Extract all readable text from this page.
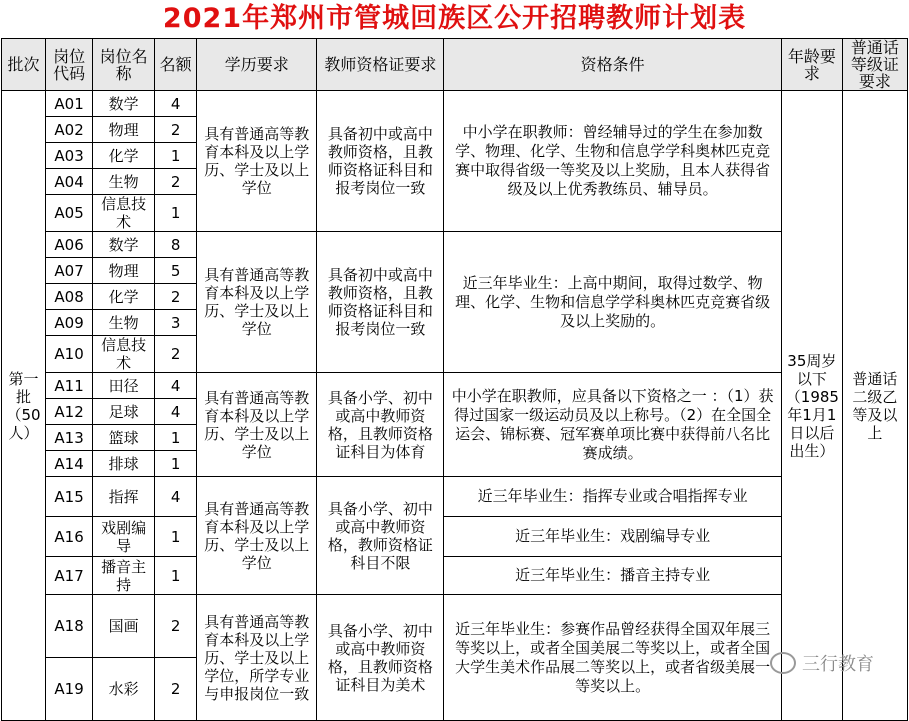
2021年郑州市管城回族区公开招聘教师计划表
批次	岗位代码	岗位名称	名额	学历要求	教师资格证要求	资格条件	年龄要求	普通话等级证要求
第一批（50人）	A01	数学	4	具有普通高等教育本科及以上学历、学士及以上学位	具备初中或高中教师资格，且教师资格证科目和报考岗位一致	中小学在职教师：曾经辅导过的学生在参加数学、物理、化学、生物和信息学学科奥林匹克竞赛中取得省级一等奖及以上奖励，且本人获得省级及以上优秀教练员、辅导员。	35周岁以下（1985年1月1日以后出生）	普通话二级乙等及以上
	A02	物理	2					
	A03	化学	1					
	A04	生物	2					
	A05	信息技术	1					
	A06	数学	8	具有普通高等教育本科及以上学历、学士及以上学位	具备初中或高中教师资格，且教师资格证科目和报考岗位一致	近三年毕业生：上高中期间，取得过数学、物理、化学、生物和信息学学科奥林匹克竞赛省级及以上奖励的。		
	A07	物理	5					
	A08	化学	2					
	A09	生物	3					
	A10	信息技术	2					
	A11	田径	4	具有普通高等教育本科及以上学历、学士及以上学位	具备小学、初中或高中教师资格，且教师资格证科目为体育	中小学在职教师，应具备以下资格之一 ：（1）获得过国家一级运动员及以上称号。（2）在全国全运会、锦标赛、冠军赛单项比赛中获得前八名比赛成绩。		
	A12	足球	4					
	A13	篮球	1					
	A14	排球	1					
	A15	指挥	4	具有普通高等教育本科及以上学历、学士及以上学位	具备小学、初中或高中教师资格，教师资格证科目不限	近三年毕业生：指挥专业或合唱指挥专业		
	A16	戏剧编导	1			近三年毕业生：戏剧编导专业		
	A17	播音主持	1			近三年毕业生：播音主持专业		
	A18	国画	2	具有普通高等教育本科及以上学历、学士及以上学位，所学专业与申报岗位一致	具备小学、初中或高中教师资格，且教师资格证科目为美术	近三年毕业生：参赛作品曾经获得全国双年展三等奖以上，或者全国美展二等奖以上，或者全国大学生美术作品展二等奖以上，或者省级美展一等奖以上。		
	A19	水彩	2					
三行教育
